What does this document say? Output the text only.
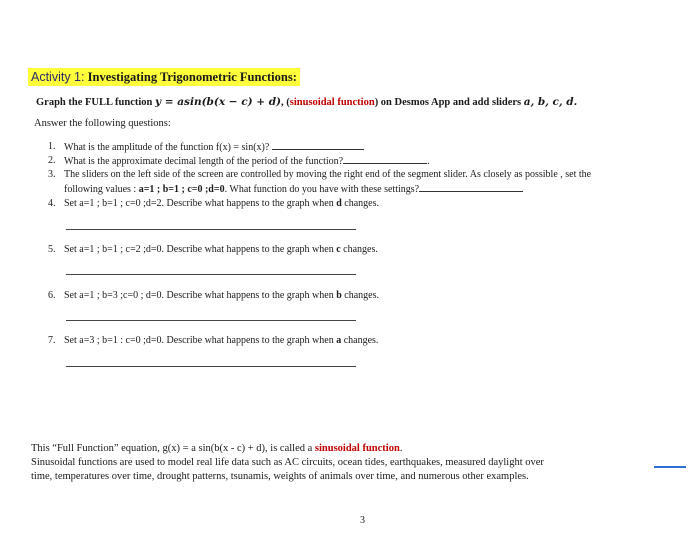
Activity 1: Investigating Trigonometric Functions:
Graph the FULL function y = asin(b(x − c) + d), (sinusoidal function) on Desmos App and add sliders a, b, c, d.
Answer the following questions:
1. What is the amplitude of the function f(x) = sin(x)?
2. What is the approximate decimal length of the period of the function?	.
3. The sliders on the left side of the screen are controlled by moving the right end of the segment slider. As closely as possible , set the
following values : a=1 ; b=1 ; c=0 ;d=0. What function do you have with these settings?
4. Set a=1 ; b=1 ; c=0 ;d=2. Describe what happens to the graph when d changes.
5. Set a=1 ; b=1 ; c=2 ;d=0. Describe what happens to the graph when c changes.
6. Set a=1 ; b=3 ;c=0 ; d=0. Describe what happens to the graph when b changes.
7. Set a=3 ; b=1 : c=0 ;d=0. Describe what happens to the graph when a changes.
This “Full Function” equation, g(x) = a sin(b(x - c) + d), is called a sinusoidal function.
Sinusoidal functions are used to model real life data such as AC circuits, ocean tides, earthquakes, measured daylight over time, temperatures over time, drought patterns, tsunamis, weights of animals over time, and numerous other examples.
3
